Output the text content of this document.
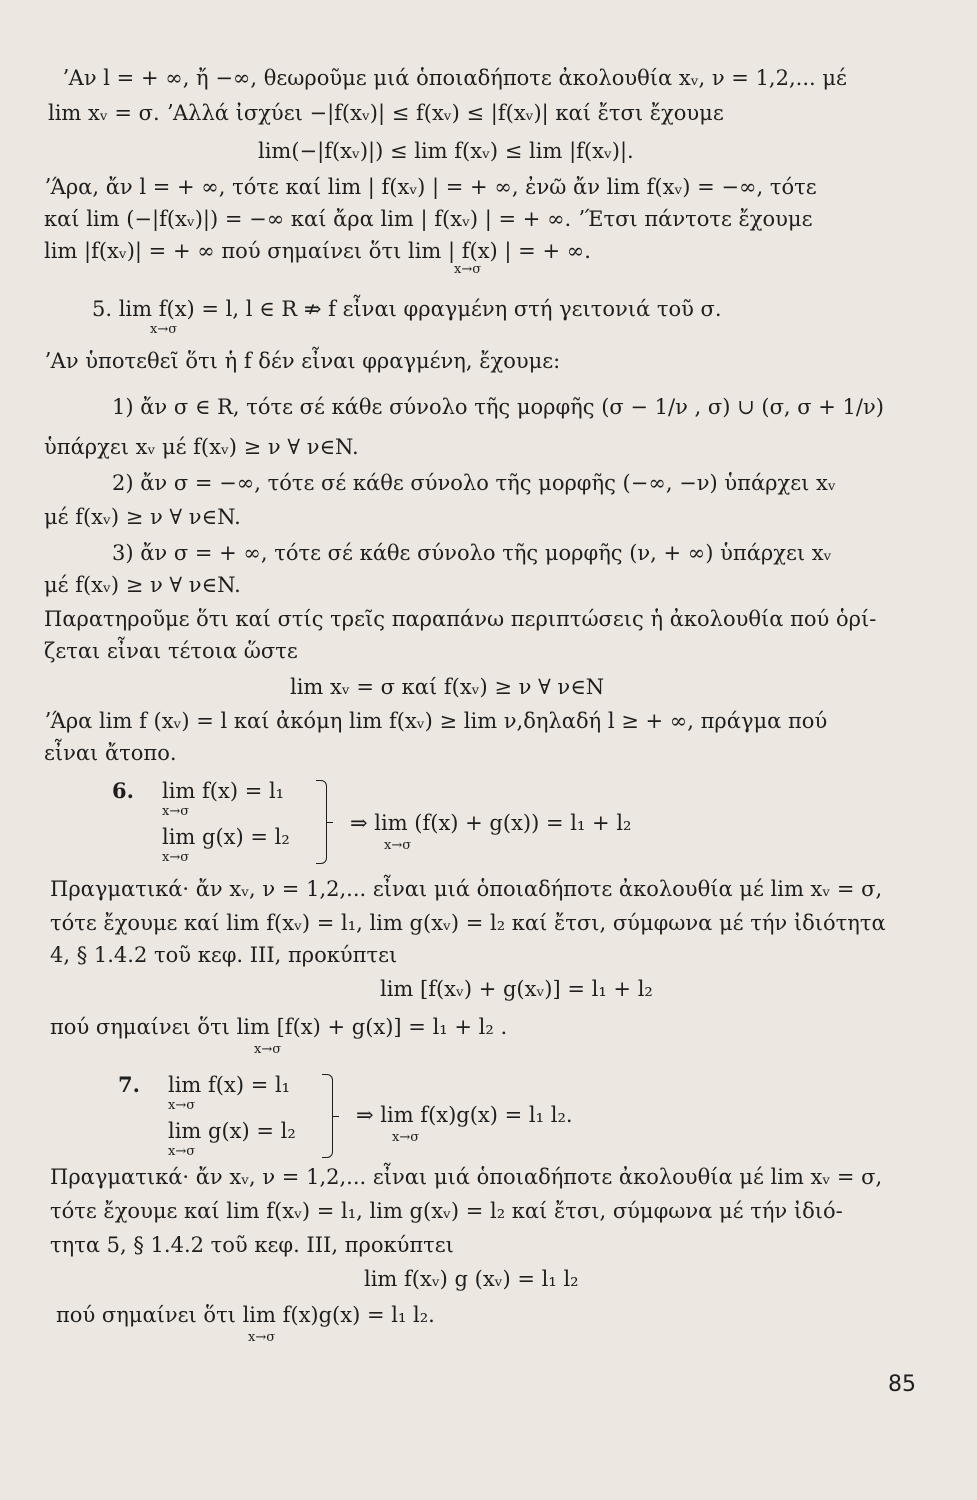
ʼΑν l = + ∞, ἤ −∞, θεωροῦμε μιά ὁποιαδήποτε ἀκολουθία xᵥ, ν = 1,2,... μέ
lim xᵥ = σ. ʼΑλλά ἰσχύει −|f(xᵥ)| ≤ f(xᵥ) ≤ |f(xᵥ)| καί ἔτσι ἔχουμε
lim(−|f(xᵥ)|) ≤ lim f(xᵥ) ≤ lim |f(xᵥ)|.
ʼΆρα, ἄν l = + ∞, τότε καί lim | f(xᵥ) | = + ∞, ἐνῶ ἄν lim f(xᵥ) = −∞, τότε
καί lim (−|f(xᵥ)|) = −∞ καί ἄρα lim | f(xᵥ) | = + ∞. ʼΈτσι πάντοτε ἔχουμε
lim |f(xᵥ)| = + ∞ πού σημαίνει ὅτι lim | f(x) | = + ∞.
x→σ
5. lim f(x) = l, l ∈ R ⇏ f εἶναι φραγμένη στή γειτονιά τοῦ σ.
x→σ
ʼΑν ὑποτεθεῖ ὅτι ἡ f δέν εἶναι φραγμένη, ἔχουμε:
1) ἄν σ ∈ R, τότε σέ κάθε σύνολο τῆς μορφῆς (σ − 1/ν , σ) ∪ (σ, σ + 1/ν)
ὑπάρχει xᵥ μέ f(xᵥ) ≥ ν ∀ ν∈N.
2) ἄν σ = −∞, τότε σέ κάθε σύνολο τῆς μορφῆς (−∞, −ν) ὑπάρχει xᵥ
μέ f(xᵥ) ≥ ν ∀ ν∈N.
3) ἄν σ = + ∞, τότε σέ κάθε σύνολο τῆς μορφῆς (ν, + ∞) ὑπάρχει xᵥ
μέ f(xᵥ) ≥ ν ∀ ν∈N.
Παρατηροῦμε ὅτι καί στίς τρεῖς παραπάνω περιπτώσεις ἡ ἀκολουθία πού ὁρί-
ζεται εἶναι τέτοια ὥστε
lim xᵥ = σ καί f(xᵥ) ≥ ν ∀ ν∈N
ʼΆρα lim f (xᵥ) = l καί ἀκόμη lim f(xᵥ) ≥ lim ν,δηλαδή l ≥ + ∞, πράγμα πού
εἶναι ἄτοπο.
6. lim f(x) = l₁
x→σ
lim g(x) = l₂
x→σ
⇒ lim (f(x) + g(x)) = l₁ + l₂
x→σ
Πραγματικά· ἄν xᵥ, ν = 1,2,... εἶναι μιά ὁποιαδήποτε ἀκολουθία μέ lim xᵥ = σ,
τότε ἔχουμε καί lim f(xᵥ) = l₁, lim g(xᵥ) = l₂ καί ἔτσι, σύμφωνα μέ τήν ἰδιότητα
4, § 1.4.2 τοῦ κεφ. ΙΙΙ, προκύπτει
lim [f(xᵥ) + g(xᵥ)] = l₁ + l₂
πού σημαίνει ὅτι lim [f(x) + g(x)] = l₁ + l₂ .
x→σ
7. lim f(x) = l₁
x→σ
lim g(x) = l₂
x→σ
⇒ lim f(x)g(x) = l₁ l₂.
x→σ
Πραγματικά· ἄν xᵥ, ν = 1,2,... εἶναι μιά ὁποιαδήποτε ἀκολουθία μέ lim xᵥ = σ,
τότε ἔχουμε καί lim f(xᵥ) = l₁, lim g(xᵥ) = l₂ καί ἔτσι, σύμφωνα μέ τήν ἰδιό-
τητα 5, § 1.4.2 τοῦ κεφ. ΙΙΙ, προκύπτει
lim f(xᵥ) g (xᵥ) = l₁ l₂
πού σημαίνει ὅτι lim f(x)g(x) = l₁ l₂.
x→σ
85
